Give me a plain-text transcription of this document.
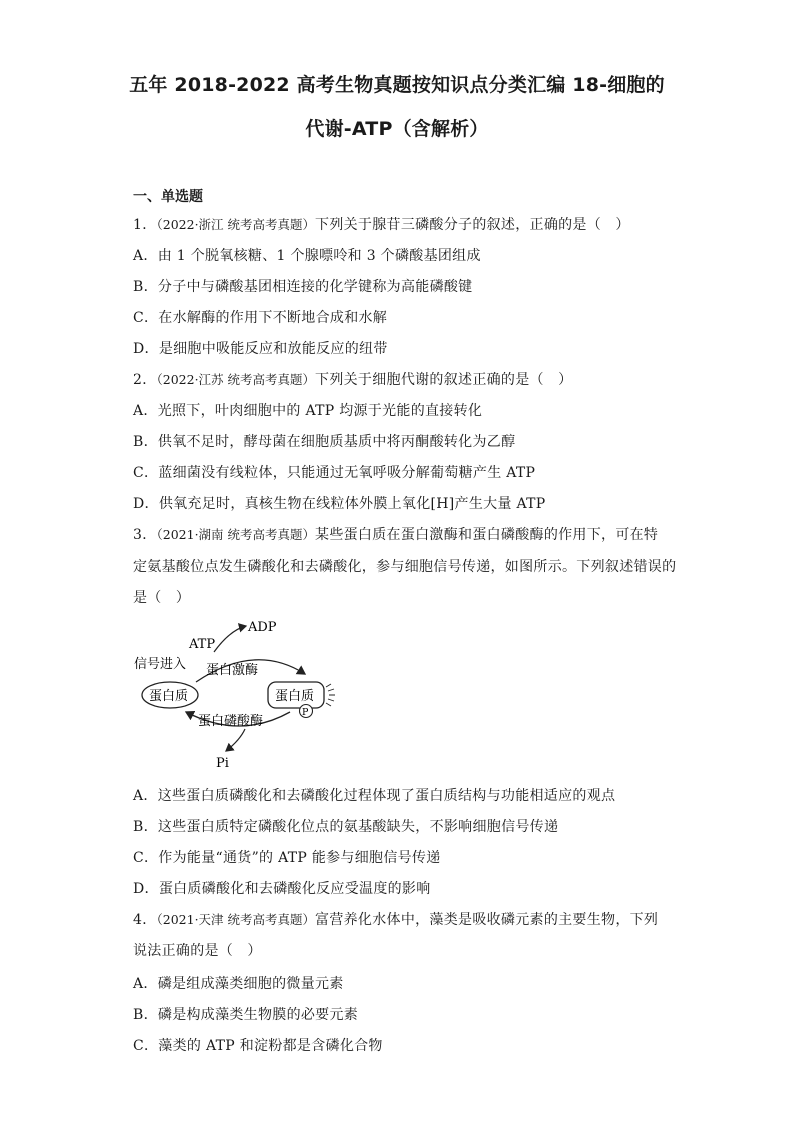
五年 2018-2022 高考生物真题按知识点分类汇编 18-细胞的
代谢-ATP（含解析）
一、单选题
1．（2022·浙江 统考高考真题）下列关于腺苷三磷酸分子的叙述，正确的是（　）
A．由 1 个脱氧核糖、1 个腺嘌呤和 3 个磷酸基团组成
B．分子中与磷酸基团相连接的化学键称为高能磷酸键
C．在水解酶的作用下不断地合成和水解
D．是细胞中吸能反应和放能反应的纽带
2．（2022·江苏 统考高考真题）下列关于细胞代谢的叙述正确的是（　）
A．光照下，叶肉细胞中的 ATP 均源于光能的直接转化
B．供氧不足时，酵母菌在细胞质基质中将丙酮酸转化为乙醇
C．蓝细菌没有线粒体，只能通过无氧呼吸分解葡萄糖产生 ATP
D．供氧充足时，真核生物在线粒体外膜上氧化[H]产生大量 ATP
3．（2021·湖南 统考高考真题）某些蛋白质在蛋白激酶和蛋白磷酸酶的作用下，可在特
定氨基酸位点发生磷酸化和去磷酸化，参与细胞信号传递，如图所示。下列叙述错误的
是（　）
ATP
ADP
信号进入 蛋白激酶
蛋白质	蛋白质
P
蛋白磷酸酶
Pi
A．这些蛋白质磷酸化和去磷酸化过程体现了蛋白质结构与功能相适应的观点
B．这些蛋白质特定磷酸化位点的氨基酸缺失，不影响细胞信号传递
C．作为能量“通货”的 ATP 能参与细胞信号传递
D．蛋白质磷酸化和去磷酸化反应受温度的影响
4．（2021·天津 统考高考真题）富营养化水体中，藻类是吸收磷元素的主要生物，下列
说法正确的是（　）
A．磷是组成藻类细胞的微量元素
B．磷是构成藻类生物膜的必要元素
C．藻类的 ATP 和淀粉都是含磷化合物
